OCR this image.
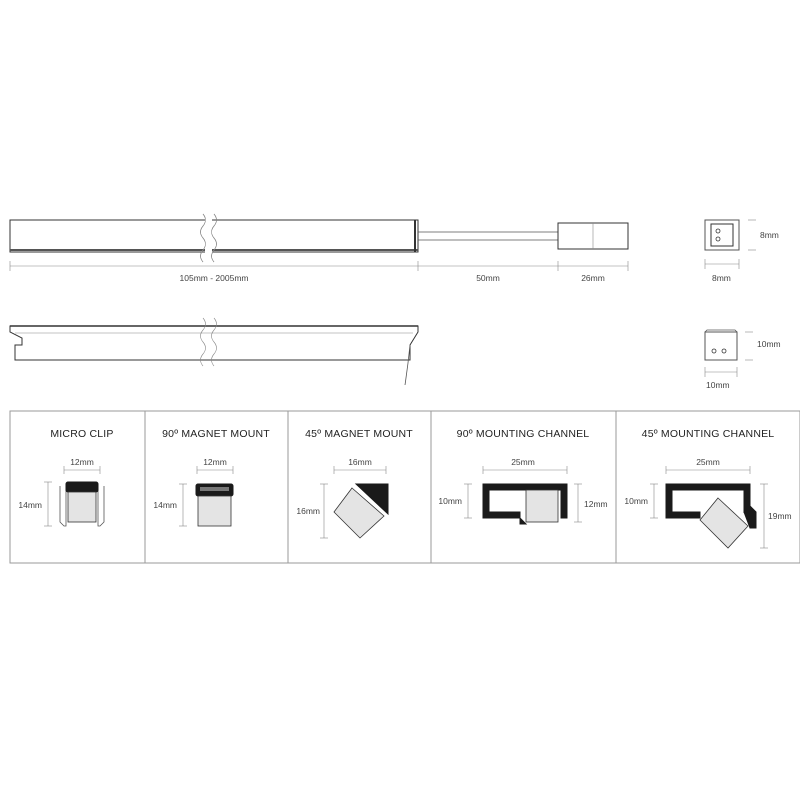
105mm - 2005mm	50mm	26mm
8mm
8mm
10mm
10mm
MICRO CLIP
12mm
14mm
90º MAGNET MOUNT
12mm
14mm
45º MAGNET MOUNT
16mm
16mm
90º MOUNTING CHANNEL
25mm
10mm	12mm
45º MOUNTING CHANNEL
25mm
10mm
19mm
